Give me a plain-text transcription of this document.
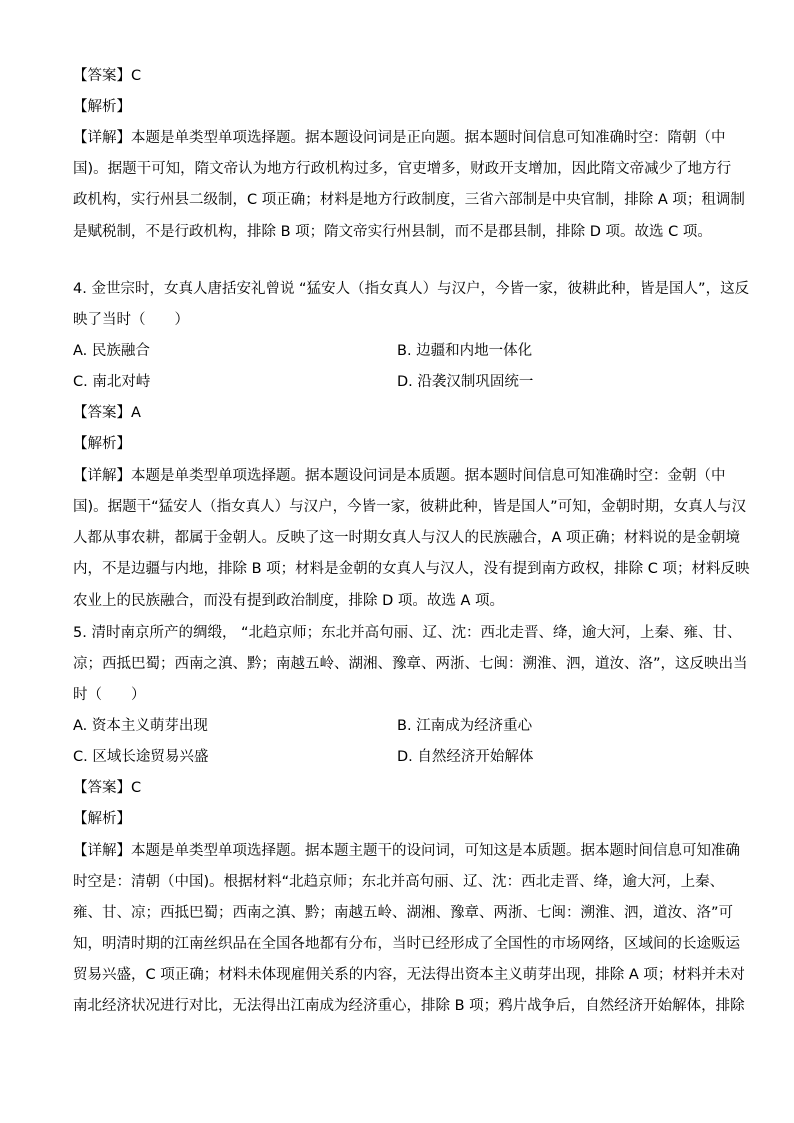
【答案】C
【解析】
【详解】本题是单类型单项选择题。据本题设问词是正向题。据本题时间信息可知准确时空：隋朝（中
国)。据题干可知，隋文帝认为地方行政机构过多，官吏增多，财政开支增加，因此隋文帝减少了地方行
政机构，实行州县二级制，C 项正确；材料是地方行政制度，三省六部制是中央官制，排除 A 项；租调制
是赋税制，不是行政机构，排除 B 项；隋文帝实行州县制，而不是郡县制，排除 D 项。故选 C 项。
4. 金世宗时，女真人唐括安礼曾说 “猛安人（指女真人）与汉户，今皆一家，彼耕此种，皆是国人”，这反
映了当时（　　）
A. 民族融合	B. 边疆和内地一体化
C. 南北对峙	D. 沿袭汉制巩固统一
【答案】A
【解析】
【详解】本题是单类型单项选择题。据本题设问词是本质题。据本题时间信息可知准确时空：金朝（中
国)。据题干“猛安人（指女真人）与汉户，今皆一家，彼耕此种，皆是国人”可知，金朝时期，女真人与汉
人都从事农耕，都属于金朝人。反映了这一时期女真人与汉人的民族融合，A 项正确；材料说的是金朝境
内，不是边疆与内地，排除 B 项；材料是金朝的女真人与汉人，没有提到南方政权，排除 C 项；材料反映
农业上的民族融合，而没有提到政治制度，排除 D 项。故选 A 项。
5. 清时南京所产的绸缎， “北趋京师；东北并高句丽、辽、沈：西北走晋、绛，逾大河，上秦、雍、甘、
凉；西抵巴蜀；西南之滇、黔；南越五岭、湖湘、豫章、两浙、七闽：溯淮、泗，道汝、洛”，这反映出当
时（　　）
A. 资本主义萌芽出现	B. 江南成为经济重心
C. 区域长途贸易兴盛	D. 自然经济开始解体
【答案】C
【解析】
【详解】本题是单类型单项选择题。据本题主题干的设问词，可知这是本质题。据本题时间信息可知准确
时空是：清朝（中国)。根据材料“北趋京师；东北并高句丽、辽、沈：西北走晋、绛，逾大河，上秦、
雍、甘、凉；西抵巴蜀；西南之滇、黔；南越五岭、湖湘、豫章、两浙、七闽：溯淮、泗，道汝、洛”可
知，明清时期的江南丝织品在全国各地都有分布，当时已经形成了全国性的市场网络，区域间的长途贩运
贸易兴盛，C 项正确；材料未体现雇佣关系的内容，无法得出资本主义萌芽出现，排除 A 项；材料并未对
南北经济状况进行对比，无法得出江南成为经济重心，排除 B 项；鸦片战争后，自然经济开始解体，排除
